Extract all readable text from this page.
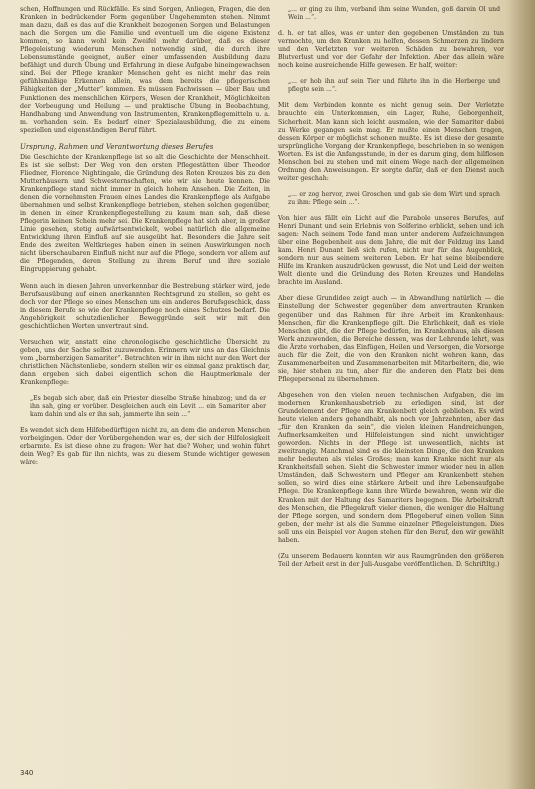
schen, Hoffnungen und Rückfälle. Es sind Sorgen, Anliegen, Fragen, die den Kranken in bedrückender Form gegenüber Ungehemmten stehen. Nimmt man dazu, daß es das auf die Krankheit bezogenen Sorgen und Belastungen nach die Sorgen um die Familie und eventuell um die eigene Existenz kommen, so kann wohl kein Zweifel mehr darüber, daß es dieser Pflegeleistung wiederum Menschen notwendig sind, die durch ihre Lebensumstände geeignet, außer einer umfassenden Ausbildung dazu befähigt und durch Übung und Erfahrung in diese Aufgabe hineingewachsen sind. Bei der Pflege kranker Menschen geht es nicht mehr das rein gefühlsmäßige Erkennen allein, was dem bereits die pflegerischen Fähigkeiten der „Mutter“ kommen. Es müssen Fachwissen — über Bau und Funktionen des menschlichen Körpers, Wesen der Krankheit, Möglichkeiten der Vorbeugung und Heilung — und praktische Übung in Beobachtung, Handhabung und Anwendung von Instrumenten, Krankenpflegemitteln u. a. m. vorhanden sein. Es bedarf einer Spezialausbildung, die zu einem speziellen und eigenständigen Beruf führt.

Ursprung, Rahmen und Verantwortung dieses Berufes

Die Geschichte der Krankenpflege ist so alt die Geschichte der Menschheit. Es ist sie selbst: Der Weg von den ersten Pflegestätten über Theodor Fliedner, Florence Nightingale, die Gründung des Roten Kreuzes bis zu den Mutterhäusern und Schwesternschaften, wie wir sie heute kennen. Die Krankenpflege stand nicht immer in gleich hohem Ansehen. Die Zeiten, in denen die vornehmsten Frauen eines Landes die Krankenpflege als Aufgabe übernahmen und selbst Krankenpflege betrieben, stehen solchen gegenüber, in denen in einer Krankenpflegestellung zu kaum man sah, daß diese Pflegerin keinen Schein mehr sei. Die Krankenpflege hat sich aber, in großer Linie gesehen, stetig aufwärtsentwickelt, wobei natürlich die allgemeine Entwicklung ihren Einfluß auf sie ausgeübt hat. Besonders die Jahre seit Ende des zweiten Weltkrieges haben einen in seinen Auswirkungen noch nicht überschaubaren Einfluß nicht nur auf die Pflege, sondern vor allem auf die Pflegenden, deren Stellung zu ihrem Beruf und ihre soziale Eingruppierung gehabt.

Wenn auch in diesen Jahren unverkennbar die Bestrebung stärker wird, jede Berufsausübung auf einen anerkannten Rechtsgrund zu stellen, so geht es doch vor der Pflege so eines Menschen um ein anderes Berufsgeschick, dass in diesem Berufe so wie der Krankenpflege noch eines Schutzes bedarf. Die Angehörigkeit schutzdienlicher Beweggründe seit wir mit den geschichtlichen Werten unvertraut sind.

Versuchen wir, anstatt eine chronologische geschichtliche Übersicht zu geben, uns der Sache selbst zuzuwenden. Erinnern wir uns an das Gleichnis vom „barmherzigen Samariter“. Betrachten wir in ihm nicht nur den Wert der christlichen Nächstenliebe, sondern stellen wir es einmal ganz praktisch dar, dann ergeben sich dabei eigentlich schon die Hauptmerkmale der Krankenpflege:

„Es begab sich aber, daß ein Priester dieselbe Straße hinabzog; und da er ihn sah, ging er vorüber. Desgleichen auch ein Levit ... ein Samariter aber kam dahin und als er ihn sah, jammerte ihn sein ...“

Es wendet sich dem Hilfebedürftigen nicht zu, an dem die anderen Menschen vorbeigingen. Oder der Vorübergehenden war es, der sich der Hilfelosigkeit erbarmte. Es ist diese ohne zu fragen: Wer hat die? Woher, und wohin führt dein Weg? Es gab für ihn nichts, was zu diesem Stunde wichtiger gewesen wäre:

„... er ging zu ihm, verband ihm seine Wunden, goß darein Öl und Wein ...“.

d. h. er tat alles, was er unter den gegebenen Umständen zu tun vermochte, um den Kranken zu helfen, dessen Schmerzen zu lindern und den Verletzten vor weiteren Schäden zu bewahren, vor Blutverlust und vor der Gefahr der Infektion. Aber das allein wäre noch keine ausreichende Hilfe gewesen. Er half, weiter:

„... er hob ihn auf sein Tier und führte ihn in die Herberge und pflegte sein ...“.

Mit dem Verbinden konnte es nicht genug sein. Der Verletzte brauchte ein Unterkommen, ein Lager, Ruhe, Geborgenheit, Sicherheit. Man kann sich leicht ausmalen, wie der Samariter dabei zu Werke gegangen sein mag. Er mußte einen Menschen tragen, dessen Körper er möglichst schonen mußte. Es ist diese der gesamte ursprüngliche Vorgang der Krankenpflege, beschrieben in so wenigen Worten. Es ist die Anfangsstunde, in der es darum ging, dem hilflosen Menschen bei zu stehen und mit einem Wege nach der allgemeinen Ordnung den Anweisungen. Er sorgte dafür, daß er den Dienst auch weiter geschah:

„... er zog hervor, zwei Groschen und gab sie dem Wirt und sprach zu ihm: Pflege sein ...“.

Von hier aus fällt ein Licht auf die Parabole unseres Berufes, auf Henri Dunant und sein Erlebnis von Solferino erblickt, sehen und ich sagen: Nach seinem Tode fand man unter anderem Aufzeichnungen über eine Begebenheit aus dem Jahre, die mit der Feldzug ins Land kam. Henri Dunant ließ sich rufen, nicht nur für das Augenblick, sondern nur aus seinem weiteren Leben. Er hat seine bleibendere Hilfe im Kranken auszudrücken gewusst, die Not und Leid der weiten Welt diente und die Gründung des Roten Kreuzes und Handelns brachte im Ausland.

Aber diese Grundidee zeigt auch — in Abwandlung natürlich — die Einstellung der Schwester gegenüber dem anvertrauten Kranken gegenüber und das Rahmen für ihre Arbeit im Krankenhaus: Menschen, für die Krankenpflege gilt. Die Ehrlichkeit, daß es viele Menschen gibt, die der Pflege bedürfen, im Krankenhaus, als diesen Werk anzuwenden, die Bereiche dessen, was der Lehrende lehrt, was die Ärzte vorhaben, das Einfügen, Heilen und Versorgen, die Vorsorge auch für die Zeit, die von den Kranken nicht wehren kann, das Zusammenarbeiten und Zusammenarbeiten mit Mitarbeitern, die, wie sie, hier stehen zu tun, aber für die anderen den Platz bei dem Pflegepersonal zu übernehmen.

Abgesehen von den vielen neuen technischen Aufgaben, die im modernen Krankenhausbetrieb zu erledigen sind, ist der Grundelement der Pflege am Krankenbett gleich geblieben. Es wird heute vielen anders gehandhabt, als noch vor Jahrzehnten, aber das „für den Kranken da sein“, die vielen kleinen Handreichungen, Aufmerksamkeiten und Hilfeleistungen sind nicht unwichtiger geworden. Nichts in der Pflege ist unwesentlich, nichts ist zweitrangig. Manchmal sind es die kleinsten Dinge, die den Kranken mehr bedeuten als vieles Großes; man kann Kranke nicht nur als Krankheitsfall sehen. Sieht die Schwester immer wieder neu in allen Umständen, daß Schwestern und Pfleger am Krankenbett stehen sollen, so wird dies eine stärkere Arbeit und ihre Lebensaufgabe Pflege. Die Krankenpflege kann ihre Würde bewahren, wenn wir die Kranken mit der Haltung des Samariters begegnen. Die Arbeitskraft des Menschen, die Pflegekraft vieler dienen, die weniger die Haltung der Pflege sorgen, und sondern dem Pflegeberuf einen vollen Sinn geben, der mehr ist als die Summe einzelner Pflegeleistungen. Dies soll uns ein Beispiel vor Augen stehen für den Beruf, den wir gewählt haben.

(Zu unserem Bedauern konnten wir aus Raumgründen den größeren Teil der Arbeit erst in der Juli-Ausgabe veröffentlichen. D. Schriftltg.)

340
